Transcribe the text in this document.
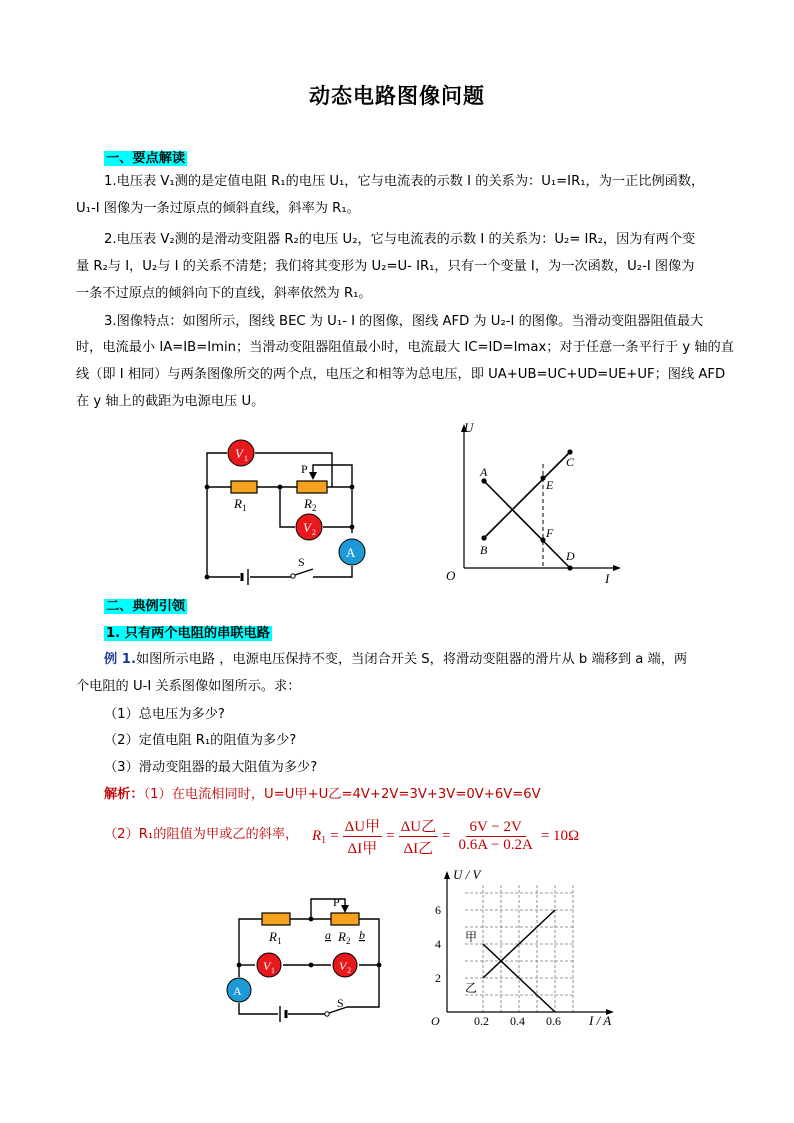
动态电路图像问题
一、要点解读
1.电压表 V₁测的是定值电阻 R₁的电压 U₁，它与电流表的示数 I 的关系为：U₁=IR₁，为一正比例函数，
U₁-I 图像为一条过原点的倾斜直线，斜率为 R₁。
2.电压表 V₂测的是滑动变阻器 R₂的电压 U₂，它与电流表的示数 I 的关系为：U₂= IR₂，因为有两个变
量 R₂与 I，U₂与 I 的关系不清楚；我们将其变形为 U₂=U- IR₁，只有一个变量 I，为一次函数，U₂-I 图像为
一条不过原点的倾斜向下的直线，斜率依然为 R₁。
3.图像特点：如图所示，图线 BEC 为 U₁- I 的图像，图线 AFD 为 U₂-I 的图像。当滑动变阻器阻值最大
时，电流最小 IA=IB=Imin；当滑动变阻器阻值最小时，电流最大 IC=ID=Imax；对于任意一条平行于 y 轴的直
线（即 I 相同）与两条图像所交的两个点，电压之和相等为总电压，即 UA+UB=UC+UD=UE+UF；图线 AFD
在 y 轴上的截距为电源电压 U。
V 1
V 2
A
P
R 1	R 2
S
U
I
O
A
B
C
D
E
F
二、典例引领
1. 只有两个电阻的串联电路
例 1.如图所示电路 ，电源电压保持不变，当闭合开关 S，将滑动变阻器的滑片从 b 端移到 a 端，两
个电阻的 U-I 关系图像如图所示。求：
（1）总电压为多少?
（2）定值电阻 R₁的阻值为多少?
（3）滑动变阻器的最大阻值为多少?
解析：（1）在电流相同时，U=U甲+U乙=4V+2V=3V+3V=0V+6V=6V
（2）R₁的阻值为甲或乙的斜率， R 1 =
ΔU甲
ΔI甲
=
ΔU乙
ΔI乙
= $\frac{6V - 2V}{0.6A - 0.2A} = 10\Omega$
V 1	V 2
A
P
R 1	a R 2 b
S
U / V
I / A
O
2
4
6
0.2 0.4 0.6
甲
乙
